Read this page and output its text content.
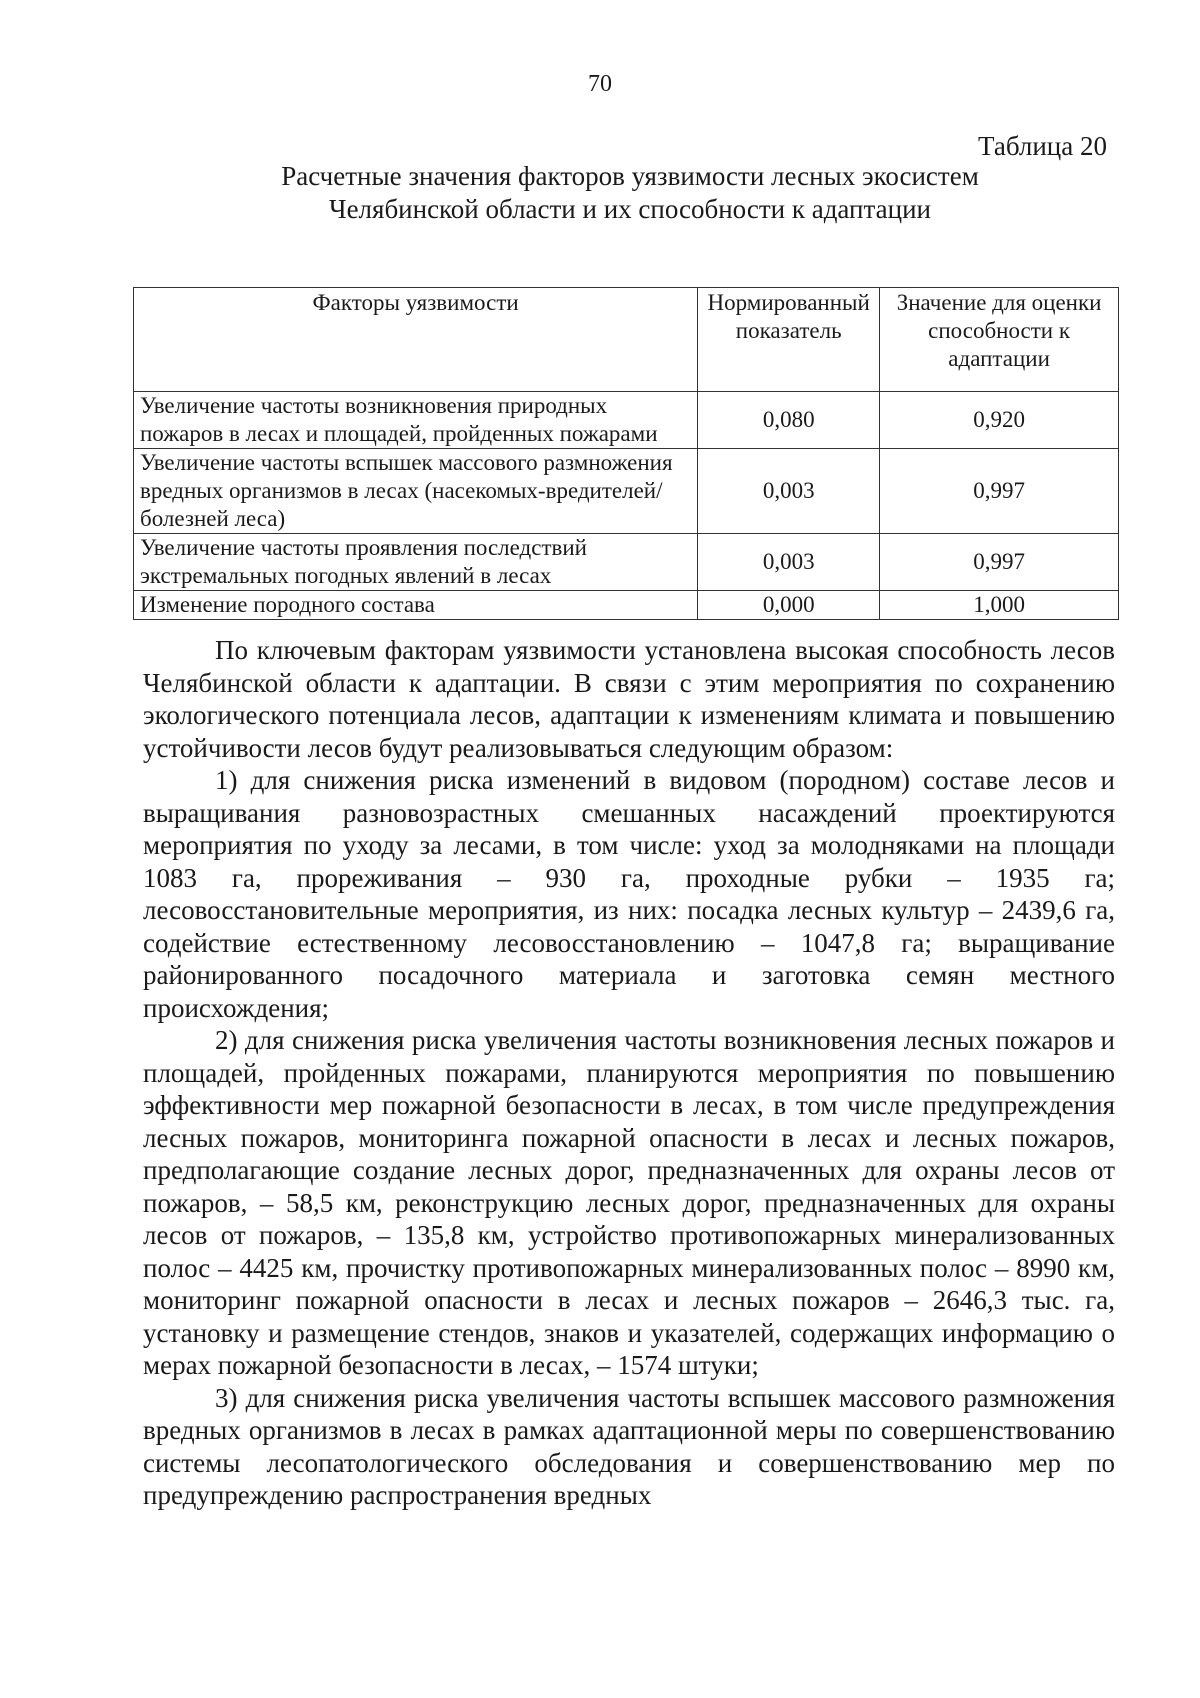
70
Таблица 20
Расчетные значения факторов уязвимости лесных экосистем
Челябинской области и их способности к адаптации
Факторы уязвимости	Нормированный показатель	Значение для оценки способности к адаптации
Увеличение частоты возникновения природных пожаров в лесах и площадей, пройденных пожарами	0,080	0,920
Увеличение частоты вспышек массового размножения вредных организмов в лесах (насекомых-вредителей/болезней леса)	0,003	0,997
Увеличение частоты проявления последствий экстремальных погодных явлений в лесах	0,003	0,997
Изменение породного состава	0,000	1,000

По ключевым факторам уязвимости установлена высокая способность лесов Челябинской области к адаптации. В связи с этим мероприятия по сохранению экологического потенциала лесов, адаптации к изменениям климата и повышению устойчивости лесов будут реализовываться следующим образом:

1) для снижения риска изменений в видовом (породном) составе лесов и выращивания разновозрастных смешанных насаждений проектируются мероприятия по уходу за лесами, в том числе: уход за молодняками на площади 1083 га, прореживания – 930 га, проходные рубки – 1935 га; лесовосстановительные мероприятия, из них: посадка лесных культур – 2439,6 га, содействие естественному лесовосстановлению – 1047,8 га; выращивание районированного посадочного материала и заготовка семян местного происхождения;

2) для снижения риска увеличения частоты возникновения лесных пожаров и площадей, пройденных пожарами, планируются мероприятия по повышению эффективности мер пожарной безопасности в лесах, в том числе предупреждения лесных пожаров, мониторинга пожарной опасности в лесах и лесных пожаров, предполагающие создание лесных дорог, предназначенных для охраны лесов от пожаров, – 58,5 км, реконструкцию лесных дорог, предназначенных для охраны лесов от пожаров, – 135,8 км, устройство противопожарных минерализованных полос – 4425 км, прочистку противопожарных минерализованных полос – 8990 км, мониторинг пожарной опасности в лесах и лесных пожаров – 2646,3 тыс. га, установку и размещение стендов, знаков и указателей, содержащих информацию о мерах пожарной безопасности в лесах, – 1574 штуки;

3) для снижения риска увеличения частоты вспышек массового размножения вредных организмов в лесах в рамках адаптационной меры по совершенствованию системы лесопатологического обследования и совершенствованию мер по предупреждению распространения вредных
